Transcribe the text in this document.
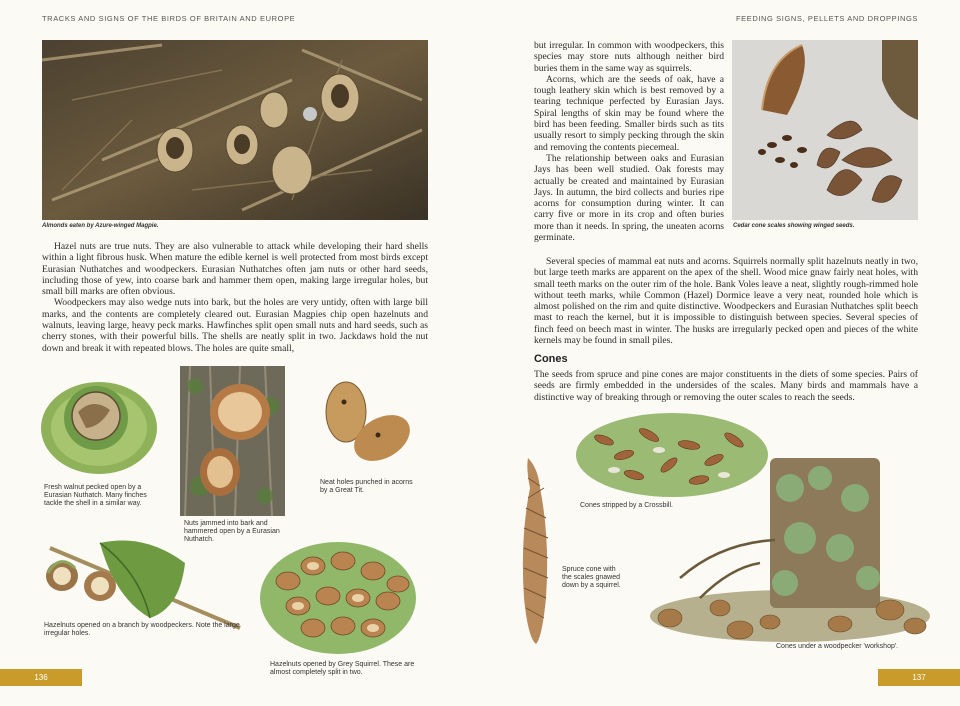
TRACKS AND SIGNS OF THE BIRDS OF BRITAIN AND EUROPE
Almonds eaten by Azure-winged Magpie.

Hazel nuts are true nuts. They are also vulnerable to attack while developing their hard shells within a light fibrous husk. When mature the edible kernel is well protected from most birds except Eurasian Nuthatches and woodpeckers. Eurasian Nuthatches often jam nuts or other hard seeds, including those of yew, into coarse bark and hammer them open, making large irregular holes, but small bill marks are often obvious.

Woodpeckers may also wedge nuts into bark, but the holes are very untidy, often with large bill marks, and the contents are completely cleared out. Eurasian Magpies chip open hazelnuts and walnuts, leaving large, heavy peck marks. Hawfinches split open small nuts and hard seeds, such as cherry stones, with their powerful bills. The shells are neatly split in two. Jackdaws hold the nut down and break it with repeated blows. The holes are quite small,

Fresh walnut pecked open by a Eurasian Nuthatch. Many finches tackle the shell in a similar way.
Nuts jammed into bark and hammered open by a Eurasian Nuthatch.
Neat holes punched in acorns by a Great Tit.
Hazelnuts opened on a branch by woodpeckers. Note the large irregular holes.
Hazelnuts opened by Grey Squirrel. These are almost completely split in two.
136
FEEDING SIGNS, PELLETS AND DROPPINGS

but irregular. In common with woodpeckers, this species may store nuts although neither bird buries them in the same way as squirrels.

Acorns, which are the seeds of oak, have a tough leathery skin which is best removed by a tearing technique perfected by Eurasian Jays. Spiral lengths of skin may be found where the bird has been feeding. Smaller birds such as tits usually resort to simply pecking through the skin and removing the contents piecemeal.

The relationship between oaks and Eurasian Jays has been well studied. Oak forests may actually be created and maintained by Eurasian Jays. In autumn, the bird collects and buries ripe acorns for consumption during winter. It can carry five or more in its crop and often buries more than it needs. In spring, the uneaten acorns germinate.

Cedar cone scales showing winged seeds.

Several species of mammal eat nuts and acorns. Squirrels normally split hazelnuts neatly in two, but large teeth marks are apparent on the apex of the shell. Wood mice gnaw fairly neat holes, with small teeth marks on the outer rim of the hole. Bank Voles leave a neat, slightly rough-rimmed hole without teeth marks, while Common (Hazel) Dormice leave a very neat, rounded hole which is almost polished on the rim and quite distinctive. Woodpeckers and Eurasian Nuthatches split beech mast to reach the kernel, but it is impossible to distinguish between species. Several species of finch feed on beech mast in winter. The husks are irregularly pecked open and pieces of the white kernels may be found in small piles.

Cones

The seeds from spruce and pine cones are major constituents in the diets of some species. Pairs of seeds are firmly embedded in the undersides of the scales. Many birds and mammals have a distinctive way of breaking through or removing the outer scales to reach the seeds.

Cones stripped by a Crossbill.
Spruce cone with the scales gnawed down by a squirrel.
Cones under a woodpecker 'workshop'.
137
